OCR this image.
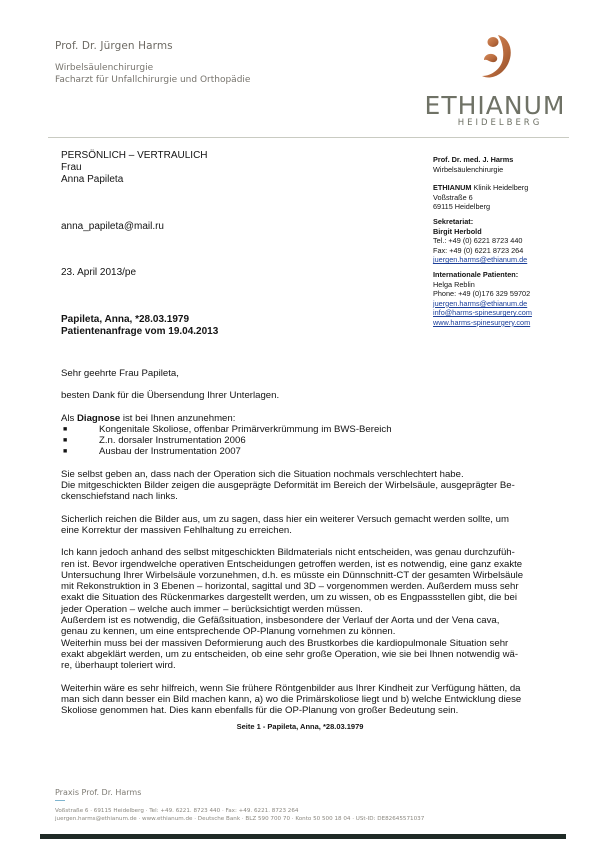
Prof. Dr. Jürgen Harms
Wirbelsäulenchirurgie
Facharzt für Unfallchirurgie und Orthopädie
ETHIANUM
HEIDELBERG
PERSÖNLICH – VERTRAULICH
Frau
Anna Papileta
anna_papileta@mail.ru
23. April 2013/pe
Papileta, Anna, *28.03.1979
Patientenanfrage vom 19.04.2013
Prof. Dr. med. J. Harms
Wirbelsäulenchirurgie
ETHIANUM Klinik Heidelberg
Voßstraße 6
69115 Heidelberg
Sekretariat:
Birgit Herbold
Tel.: +49 (0) 6221 8723 440
Fax: +49 (0) 6221 8723 264
juergen.harms@ethianum.de
Internationale Patienten:
Helga Reblin
Phone: +49 (0)176 329 59702
juergen.harms@ethianum.de
info@harms-spinesurgery.com
www.harms-spinesurgery.com

Sehr geehrte Frau Papileta,

besten Dank für die Übersendung Ihrer Unterlagen.

Als Diagnose ist bei Ihnen anzunehmen:
■	Kongenitale Skoliose, offenbar Primärverkrümmung im BWS-Bereich
■	Z.n. dorsaler Instrumentation 2006
■	Ausbau der Instrumentation 2007

Sie selbst geben an, dass nach der Operation sich die Situation nochmals verschlechtert habe.
Die mitgeschickten Bilder zeigen die ausgeprägte Deformität im Bereich der Wirbelsäule, ausgeprägter Be-
ckenschiefstand nach links.

Sicherlich reichen die Bilder aus, um zu sagen, dass hier ein weiterer Versuch gemacht werden sollte, um
eine Korrektur der massiven Fehlhaltung zu erreichen.

Ich kann jedoch anhand des selbst mitgeschickten Bildmaterials nicht entscheiden, was genau durchzufüh-
ren ist. Bevor irgendwelche operativen Entscheidungen getroffen werden, ist es notwendig, eine ganz exakte
Untersuchung Ihrer Wirbelsäule vorzunehmen, d.h. es müsste ein Dünnschnitt-CT der gesamten Wirbelsäule
mit Rekonstruktion in 3 Ebenen – horizontal, sagittal und 3D – vorgenommen werden. Außerdem muss sehr
exakt die Situation des Rückenmarkes dargestellt werden, um zu wissen, ob es Engpassstellen gibt, die bei
jeder Operation – welche auch immer – berücksichtigt werden müssen.
Außerdem ist es notwendig, die Gefäßsituation, insbesondere der Verlauf der Aorta und der Vena cava,
genau zu kennen, um eine entsprechende OP-Planung vornehmen zu können.
Weiterhin muss bei der massiven Deformierung auch des Brustkorbes die kardiopulmonale Situation sehr
exakt abgeklärt werden, um zu entscheiden, ob eine sehr große Operation, wie sie bei Ihnen notwendig wä-
re, überhaupt toleriert wird.

Weiterhin wäre es sehr hilfreich, wenn Sie frühere Röntgenbilder aus Ihrer Kindheit zur Verfügung hätten, da
man sich dann besser ein Bild machen kann, a) wo die Primärskoliose liegt und b) welche Entwicklung diese
Skoliose genommen hat. Dies kann ebenfalls für die OP-Planung von großer Bedeutung sein.

Seite 1 - Papileta, Anna, *28.03.1979
Praxis Prof. Dr. Harms
Voßstraße 6 · 69115 Heidelberg · Tel: +49. 6221. 8723 440 · Fax: +49. 6221. 8723 264
juergen.harms@ethianum.de · www.ethianum.de · Deutsche Bank · BLZ 590 700 70 · Konto 50 500 18 04 · USt-ID: DE82645571037
